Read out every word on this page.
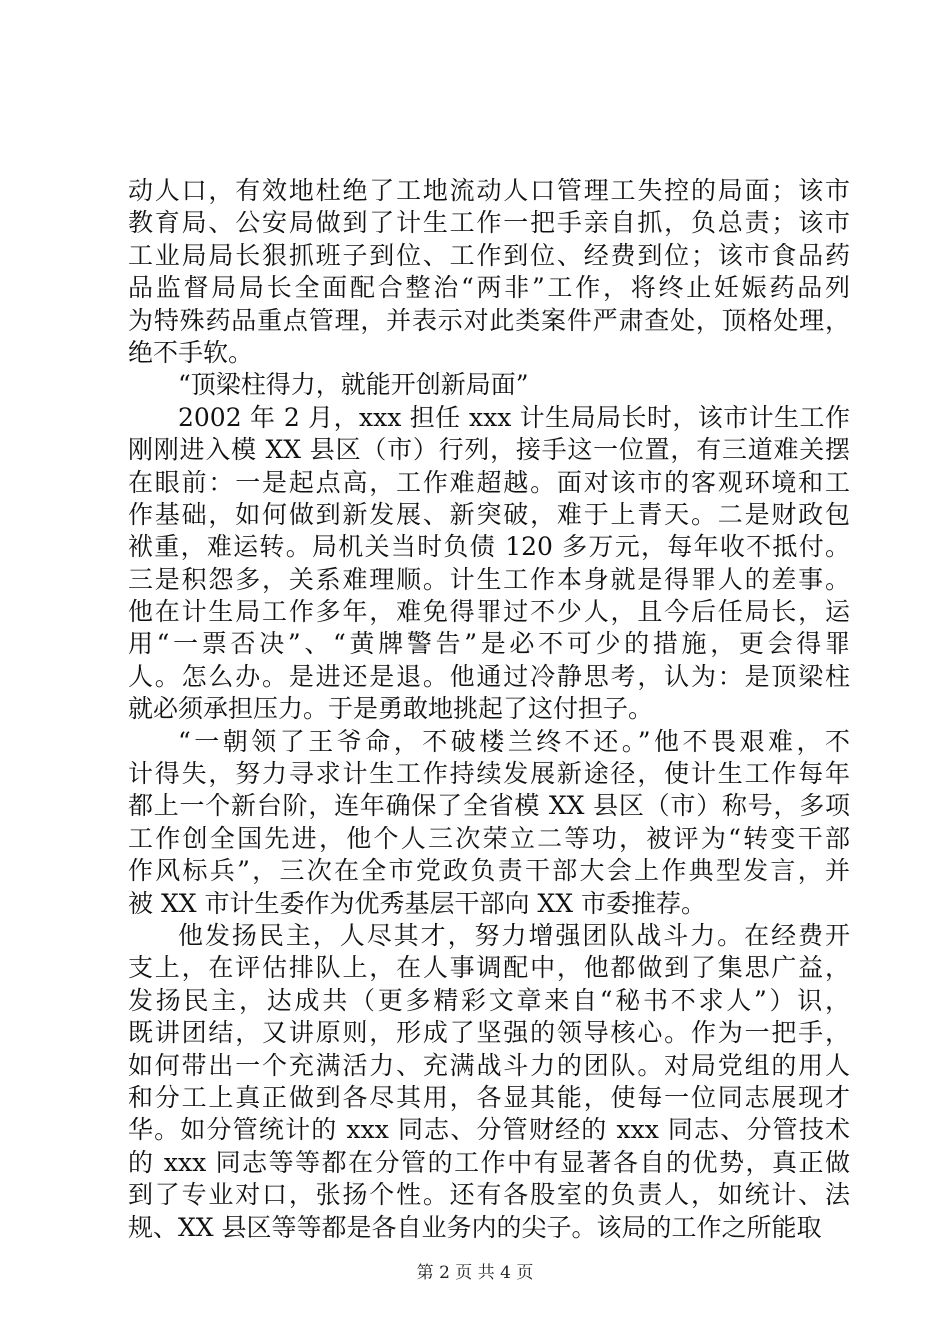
动人口，有效地杜绝了工地流动人口管理工失控的局面；该市
教育局、公安局做到了计生工作一把手亲自抓，负总责；该市
工业局局长狠抓班子到位、工作到位、经费到位；该市食品药
品监督局局长全面配合整治“两非”工作，将终止妊娠药品列
为特殊药品重点管理，并表示对此类案件严肃查处，顶格处理，
绝不手软。
“顶梁柱得力，就能开创新局面”
2002 年 2 月，xxx 担任 xxx 计生局局长时，该市计生工作
刚刚进入模 XX 县区（市）行列，接手这一位置，有三道难关摆
在眼前：一是起点高，工作难超越。面对该市的客观环境和工
作基础，如何做到新发展、新突破，难于上青天。二是财政包
袱重，难运转。局机关当时负债 120 多万元，每年收不抵付。
三是积怨多，关系难理顺。计生工作本身就是得罪人的差事。
他在计生局工作多年，难免得罪过不少人，且今后任局长，运
用“一票否决”、“黄牌警告”是必不可少的措施，更会得罪
人。怎么办。是进还是退。他通过冷静思考，认为：是顶梁柱
就必须承担压力。于是勇敢地挑起了这付担子。
“一朝领了王爷命，不破楼兰终不还。”他不畏艰难，不
计得失，努力寻求计生工作持续发展新途径，使计生工作每年
都上一个新台阶，连年确保了全省模 XX 县区（市）称号，多项
工作创全国先进，他个人三次荣立二等功，被评为“转变干部
作风标兵”，三次在全市党政负责干部大会上作典型发言，并
被 XX 市计生委作为优秀基层干部向 XX 市委推荐。
他发扬民主，人尽其才，努力增强团队战斗力。在经费开
支上，在评估排队上，在人事调配中，他都做到了集思广益，
发扬民主，达成共（更多精彩文章来自“秘书不求人”）识，
既讲团结，又讲原则，形成了坚强的领导核心。作为一把手，
如何带出一个充满活力、充满战斗力的团队。对局党组的用人
和分工上真正做到各尽其用，各显其能，使每一位同志展现才
华。如分管统计的 xxx 同志、分管财经的 xxx 同志、分管技术
的 xxx 同志等等都在分管的工作中有显著各自的优势，真正做
到了专业对口，张扬个性。还有各股室的负责人，如统计、法
规、XX 县区等等都是各自业务内的尖子。该局的工作之所能取
第 2 页 共 4 页
